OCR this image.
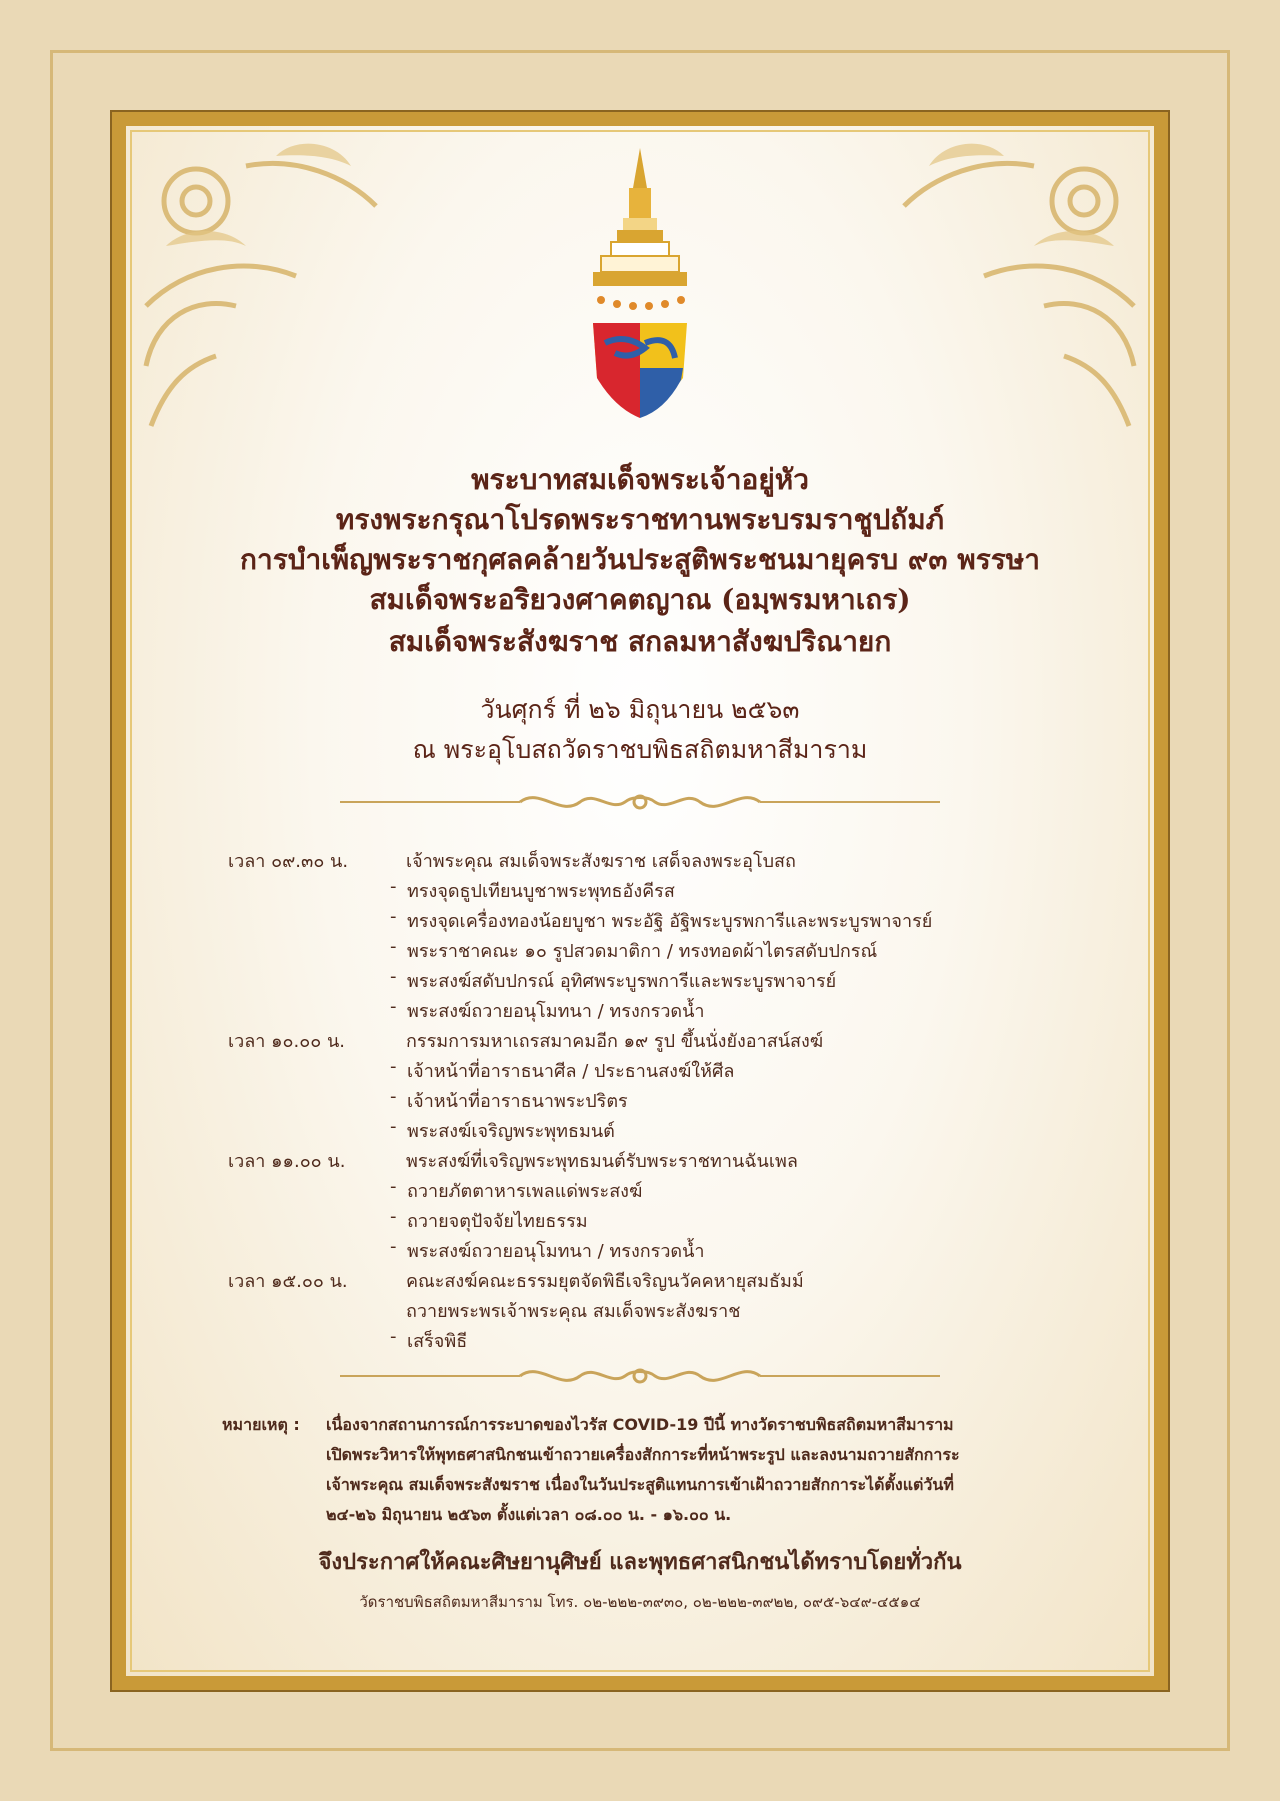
พระบาทสมเด็จพระเจ้าอยู่หัว
ทรงพระกรุณาโปรดพระราชทานพระบรมราชูปถัมภ์
การบำเพ็ญพระราชกุศลคล้ายวันประสูติพระชนมายุครบ ๙๓ พรรษา
สมเด็จพระอริยวงศาคตญาณ (อมฺพรมหาเถร)
สมเด็จพระสังฆราช สกลมหาสังฆปริณายก
วันศุกร์ ที่ ๒๖ มิถุนายน ๒๕๖๓
ณ พระอุโบสถวัดราชบพิธสถิตมหาสีมาราม
เวลา ๐๙.๓๐ น.	เจ้าพระคุณ สมเด็จพระสังฆราช เสด็จลงพระอุโบสถ
- ทรงจุดธูปเทียนบูชาพระพุทธอังคีรส
- ทรงจุดเครื่องทองน้อยบูชา พระอัฐิ อัฐิพระบูรพการีและพระบูรพาจารย์
- พระราชาคณะ ๑๐ รูปสวดมาติกา / ทรงทอดผ้าไตรสดับปกรณ์
- พระสงฆ์สดับปกรณ์ อุทิศพระบูรพการีและพระบูรพาจารย์
- พระสงฆ์ถวายอนุโมทนา / ทรงกรวดน้ำ
เวลา ๑๐.๐๐ น.	กรรมการมหาเถรสมาคมอีก ๑๙ รูป ขึ้นนั่งยังอาสน์สงฆ์
- เจ้าหน้าที่อาราธนาศีล / ประธานสงฆ์ให้ศีล
- เจ้าหน้าที่อาราธนาพระปริตร
- พระสงฆ์เจริญพระพุทธมนต์
เวลา ๑๑.๐๐ น.	พระสงฆ์ที่เจริญพระพุทธมนต์รับพระราชทานฉันเพล
- ถวายภัตตาหารเพลแด่พระสงฆ์
- ถวายจตุปัจจัยไทยธรรม
- พระสงฆ์ถวายอนุโมทนา / ทรงกรวดน้ำ
เวลา ๑๕.๐๐ น.	คณะสงฆ์คณะธรรมยุตจัดพิธีเจริญนวัคคหายุสมธัมม์
ถวายพระพรเจ้าพระคุณ สมเด็จพระสังฆราช
- เสร็จพิธี
หมายเหตุ : เนื่องจากสถานการณ์การระบาดของไวรัส COVID-19 ปีนี้ ทางวัดราชบพิธสถิตมหาสีมาราม
เปิดพระวิหารให้พุทธศาสนิกชนเข้าถวายเครื่องสักการะที่หน้าพระรูป และลงนามถวายสักการะ
เจ้าพระคุณ สมเด็จพระสังฆราช เนื่องในวันประสูติแทนการเข้าเฝ้าถวายสักการะได้ตั้งแต่วันที่
๒๔-๒๖ มิถุนายน ๒๕๖๓ ตั้งแต่เวลา ๐๘.๐๐ น. - ๑๖.๐๐ น.
จึงประกาศให้คณะศิษยานุศิษย์ และพุทธศาสนิกชนได้ทราบโดยทั่วกัน
วัดราชบพิธสถิตมหาสีมาราม โทร. ๐๒-๒๒๒-๓๙๓๐, ๐๒-๒๒๒-๓๙๒๒, ๐๙๕-๖๔๙-๔๕๑๔
